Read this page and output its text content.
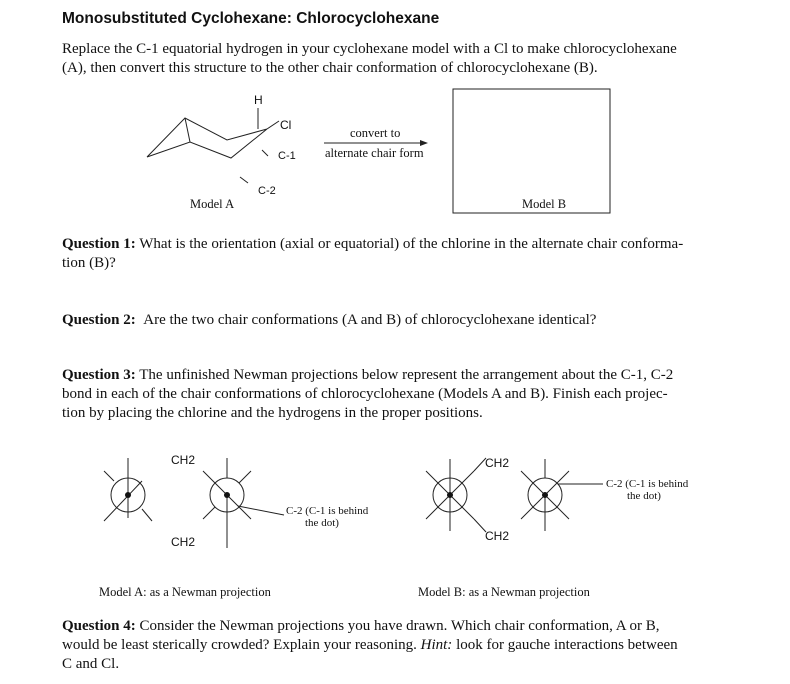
Monosubstituted Cyclohexane: Chlorocyclohexane
Replace the C-1 equatorial hydrogen in your cyclohexane model with a Cl to make chlorocyclohexane
(A), then convert this structure to the other chair conformation of chlorocyclohexane (B).
H
Cl
C-1
C-2
Model A
convert to
alternate chair form
Model B
Question 1: What is the orientation (axial or equatorial) of the chlorine in the alternate chair conforma-
tion (B)?
Question 2: Are the two chair conformations (A and B) of chlorocyclohexane identical?
Question 3: The unfinished Newman projections below represent the arrangement about the C-1, C-2
bond in each of the chair conformations of chlorocyclohexane (Models A and B). Finish each projec-
tion by placing the chlorine and the hydrogens in the proper positions.
CH2
CH2
C-2 (C-1 is behind
the dot)
Model A: as a Newman projection
CH2
CH2
C-2 (C-1 is behind
the dot)
Model B: as a Newman projection
Question 4: Consider the Newman projections you have drawn. Which chair conformation, A or B,
would be least sterically crowded? Explain your reasoning. Hint: look for gauche interactions between
C and Cl.
